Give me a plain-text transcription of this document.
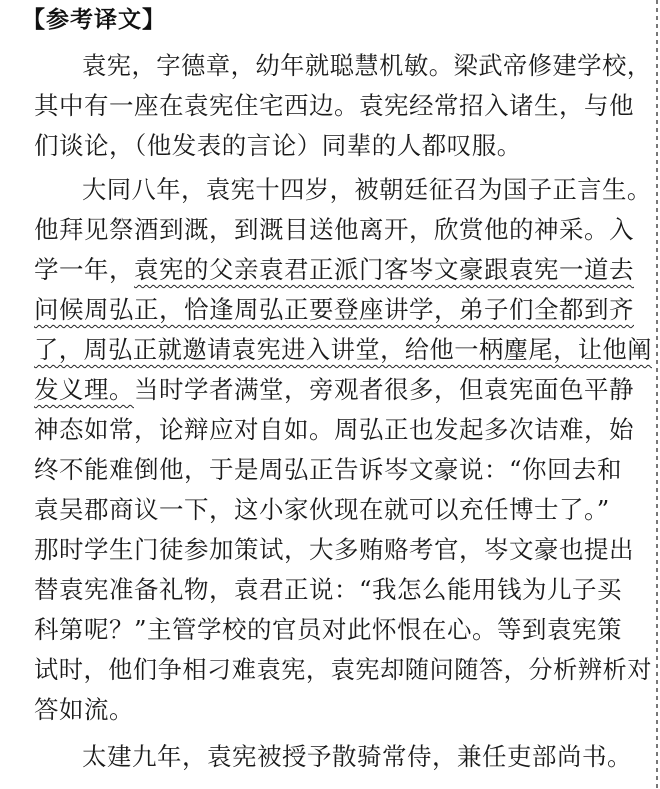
【参考译文】
袁宪，字德章，幼年就聪慧机敏。梁武帝修建学校，
其中有一座在袁宪住宅西边。袁宪经常招入诸生，与他
们谈论，（他发表的言论）同辈的人都叹服。
大同八年，袁宪十四岁，被朝廷征召为国子正言生。
他拜见祭酒到溉，到溉目送他离开，欣赏他的神采。入
学一年，袁宪的父亲袁君正派门客岑文豪跟袁宪一道去
问候周弘正，恰逢周弘正要登座讲学，弟子们全都到齐
了，周弘正就邀请袁宪进入讲堂，给他一柄麈尾，让他阐
发义理。当时学者满堂，旁观者很多，但袁宪面色平静
神态如常，论辩应对自如。周弘正也发起多次诘难，始
终不能难倒他，于是周弘正告诉岑文豪说：“你回去和
袁吴郡商议一下，这小家伙现在就可以充任博士了。”
那时学生门徒参加策试，大多贿赂考官，岑文豪也提出
替袁宪准备礼物，袁君正说：“我怎么能用钱为儿子买
科第呢？”主管学校的官员对此怀恨在心。等到袁宪策
试时，他们争相刁难袁宪，袁宪却随问随答，分析辨析对
答如流。
太建九年，袁宪被授予散骑常侍，兼任吏部尚书。
